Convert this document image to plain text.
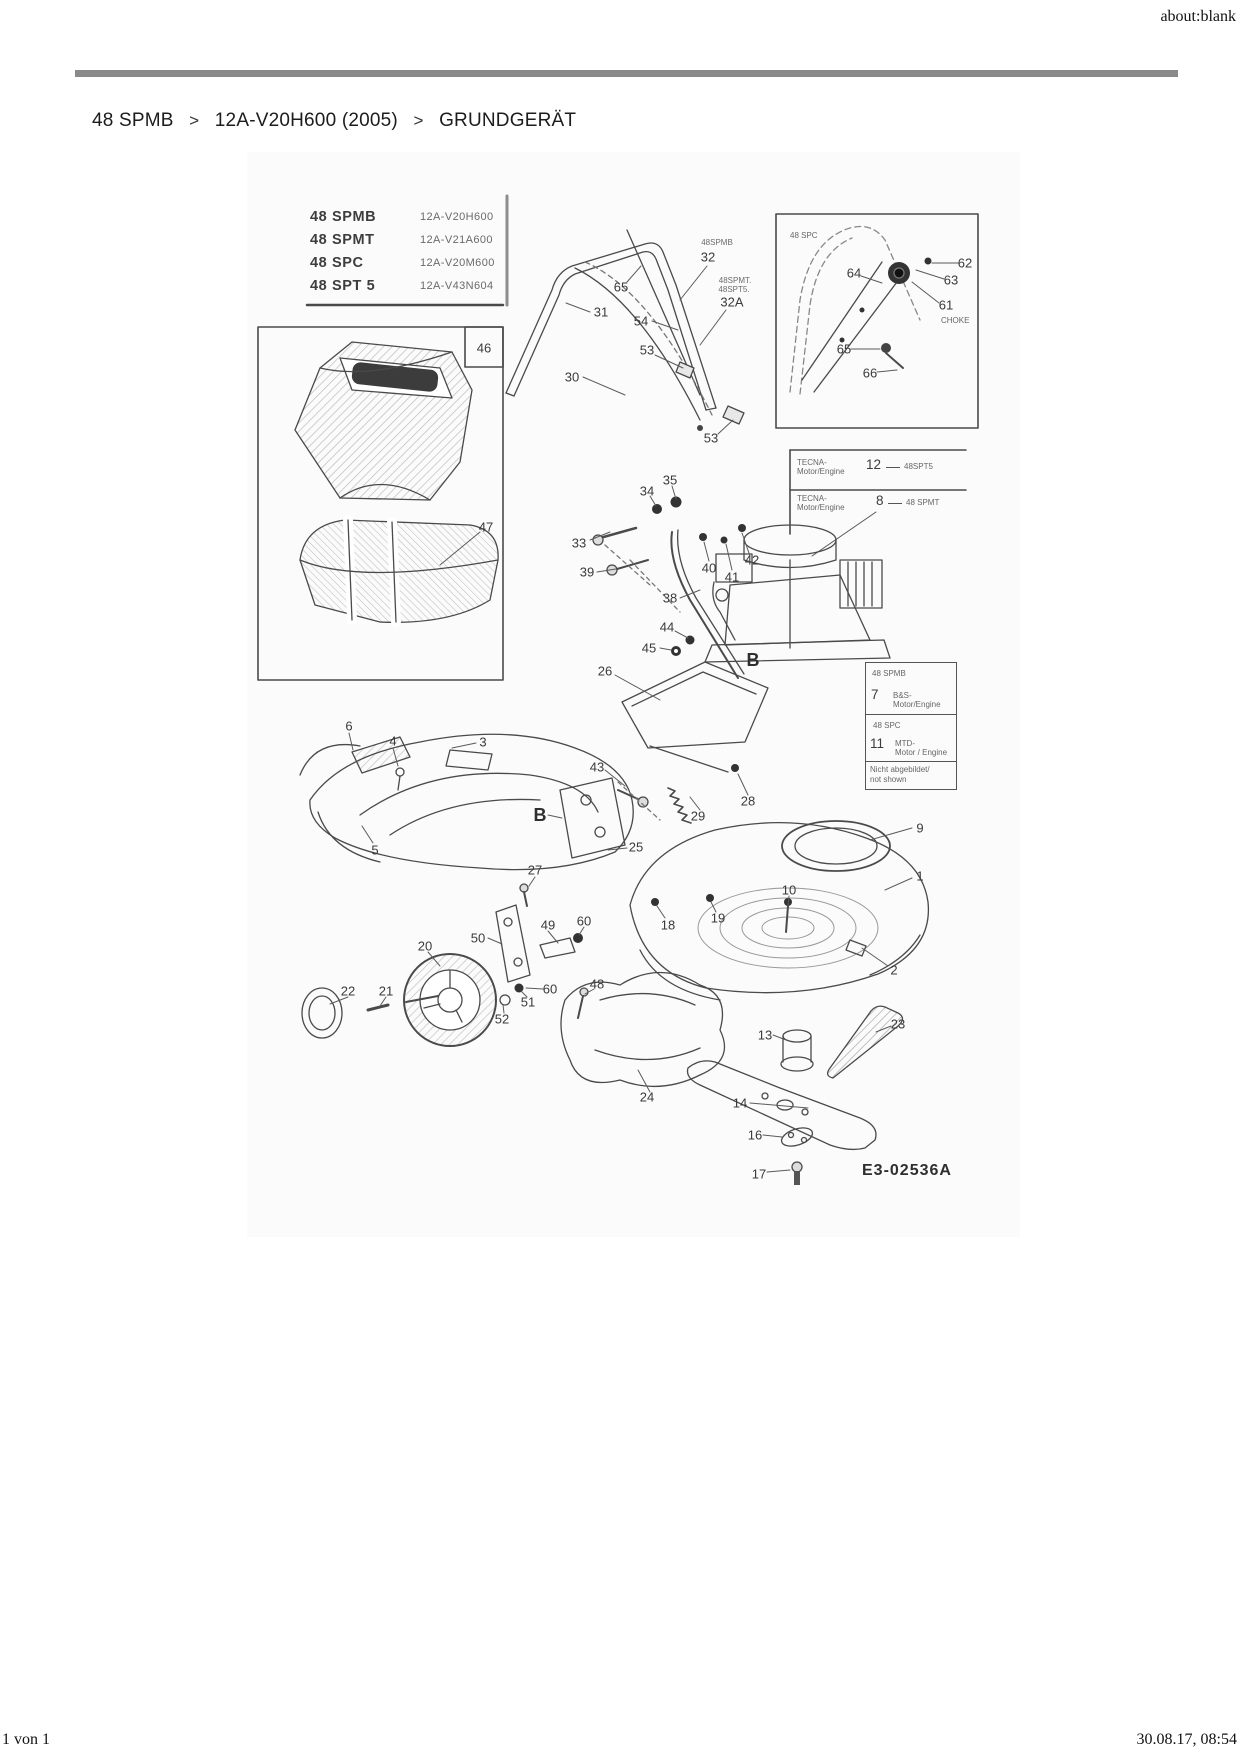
about:blank
48 SPMB > 12A-V20H600 (2005) > GRUNDGERÄT
48 SPMB	12A-V20H600
48 SPMT	12A-V21A600
48 SPC	12A-V20M600
48 SPT 5	12A-V43N604
48 SPC
CHOKE
TECNA-
Motor/Engine 12	48SPT5
TECNA-
Motor/Engine 8	48 SPMT
48 SPMB
7 B&S-
Motor/Engine
48 SPC
11 MTD-
Motor / Engine
Nicht abgebildet/
not shown
48SPMB
32
48SPMT.
48SPT5.
32A
65
31
54
53
30
53
35
34
33
39	40
41
42
38
44
45
B
26
46
47
6
4	3
5
43
29
28
B
27
25
9
1
10
19
18
2
20
50
49 60
22 21	60
51
52
48
24
13
23
14
16
17
64
62
63
61
65
66
E3-02536A
1 von 1	30.08.17, 08:54
